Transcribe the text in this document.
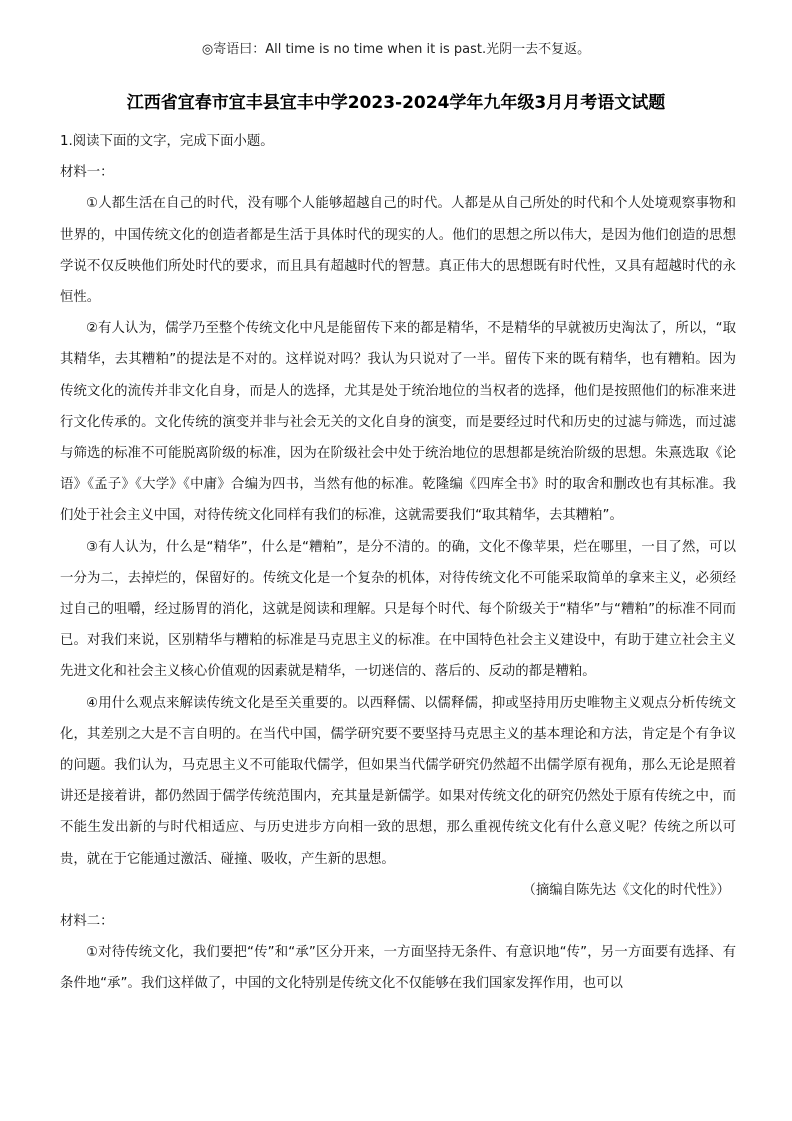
◎寄语曰：All time is no time when it is past.光阴一去不复返。
江西省宜春市宜丰县宜丰中学2023-2024学年九年级3月月考语文试题

1.阅读下面的文字，完成下面小题。

材料一：

①人都生活在自己的时代，没有哪个人能够超越自己的时代。人都是从自己所处的时代和个人处境观察事物和世界的，中国传统文化的创造者都是生活于具体时代的现实的人。他们的思想之所以伟大，是因为他们创造的思想学说不仅反映他们所处时代的要求，而且具有超越时代的智慧。真正伟大的思想既有时代性，又具有超越时代的永恒性。

②有人认为，儒学乃至整个传统文化中凡是能留传下来的都是精华，不是精华的早就被历史淘汰了，所以，“取其精华，去其糟粕”的提法是不对的。这样说对吗？我认为只说对了一半。留传下来的既有精华，也有糟粕。因为传统文化的流传并非文化自身，而是人的选择，尤其是处于统治地位的当权者的选择，他们是按照他们的标准来进行文化传承的。文化传统的演变并非与社会无关的文化自身的演变，而是要经过时代和历史的过滤与筛选，而过滤与筛选的标准不可能脱离阶级的标准，因为在阶级社会中处于统治地位的思想都是统治阶级的思想。朱熹选取《论语》《孟子》《大学》《中庸》合编为四书，当然有他的标准。乾隆编《四库全书》时的取舍和删改也有其标准。我们处于社会主义中国，对待传统文化同样有我们的标准，这就需要我们“取其精华，去其糟粕”。

③有人认为，什么是“精华”，什么是“糟粕”，是分不清的。的确，文化不像苹果，烂在哪里，一目了然，可以一分为二，去掉烂的，保留好的。传统文化是一个复杂的机体，对待传统文化不可能采取简单的拿来主义，必须经过自己的咀嚼，经过肠胃的消化，这就是阅读和理解。只是每个时代、每个阶级关于“精华”与“糟粕”的标准不同而已。对我们来说，区别精华与糟粕的标准是马克思主义的标准。在中国特色社会主义建设中，有助于建立社会主义先进文化和社会主义核心价值观的因素就是精华，一切迷信的、落后的、反动的都是糟粕。

④用什么观点来解读传统文化是至关重要的。以西释儒、以儒释儒，抑或坚持用历史唯物主义观点分析传统文化，其差别之大是不言自明的。在当代中国，儒学研究要不要坚持马克思主义的基本理论和方法，肯定是个有争议的问题。我们认为，马克思主义不可能取代儒学，但如果当代儒学研究仍然超不出儒学原有视角，那么无论是照着讲还是接着讲，都仍然固于儒学传统范围内，充其量是新儒学。如果对传统文化的研究仍然处于原有传统之中，而不能生发出新的与时代相适应、与历史进步方向相一致的思想，那么重视传统文化有什么意义呢？传统之所以可贵，就在于它能通过激活、碰撞、吸收，产生新的思想。

（摘编自陈先达《文化的时代性》）

材料二：

①对待传统文化，我们要把“传”和“承”区分开来，一方面坚持无条件、有意识地“传”，另一方面要有选择、有条件地“承”。我们这样做了，中国的文化特别是传统文化不仅能够在我们国家发挥作用，也可以
